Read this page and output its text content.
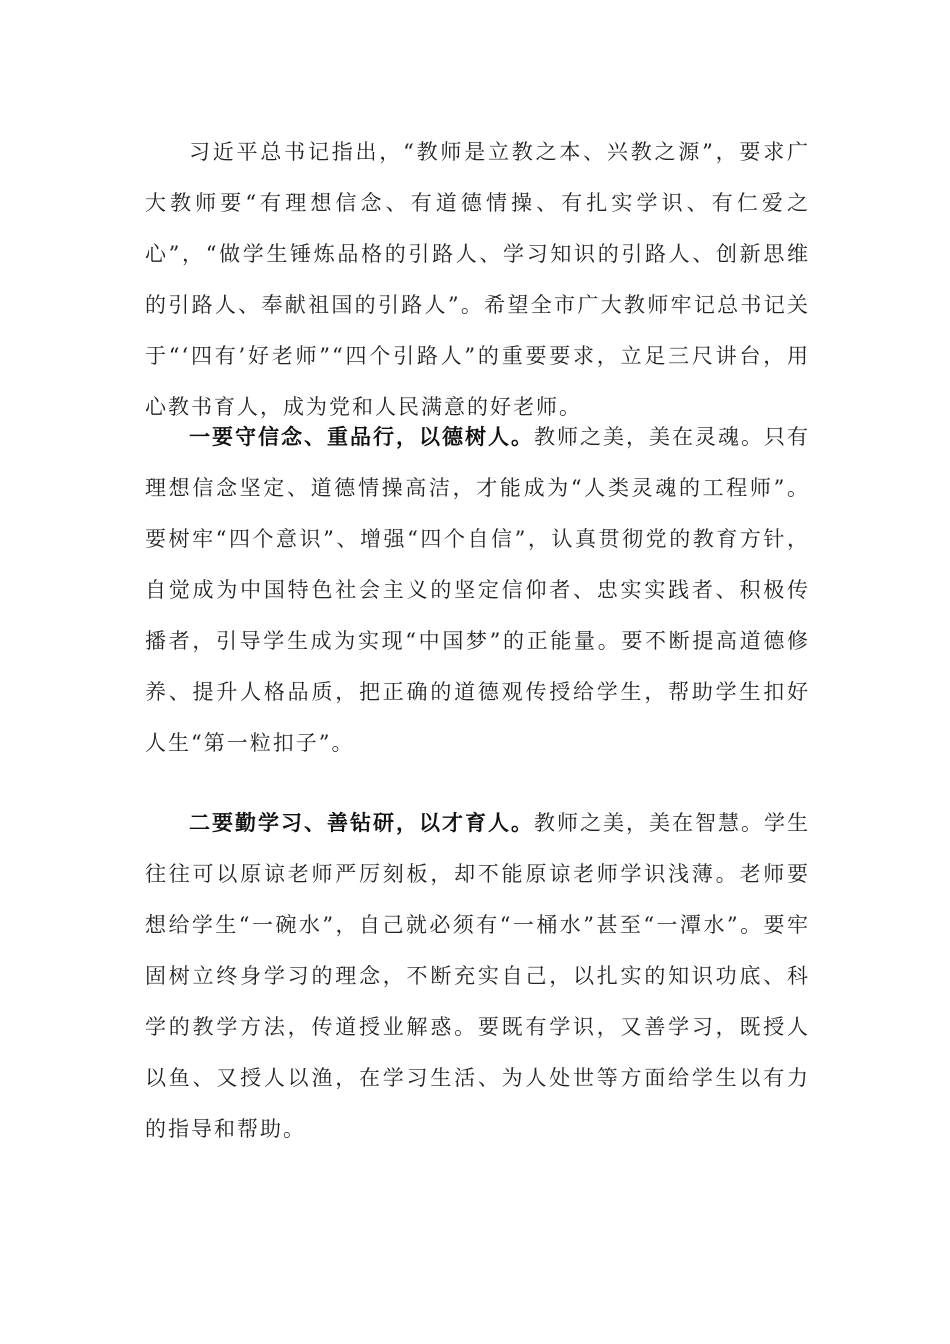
习近平总书记指出，“教师是立教之本、兴教之源”，要求广大教师要“有理想信念、有道德情操、有扎实学识、有仁爱之心”，“做学生锤炼品格的引路人、学习知识的引路人、创新思维的引路人、奉献祖国的引路人”。希望全市广大教师牢记总书记关于“‘四有’好老师”“四个引路人”的重要要求，立足三尺讲台，用心教书育人，成为党和人民满意的好老师。

一要守信念、重品行，以德树人。教师之美，美在灵魂。只有理想信念坚定、道德情操高洁，才能成为“人类灵魂的工程师”。要树牢“四个意识”、增强“四个自信”，认真贯彻党的教育方针，自觉成为中国特色社会主义的坚定信仰者、忠实实践者、积极传播者，引导学生成为实现“中国梦”的正能量。要不断提高道德修养、提升人格品质，把正确的道德观传授给学生，帮助学生扣好人生“第一粒扣子”。

二要勤学习、善钻研，以才育人。教师之美，美在智慧。学生往往可以原谅老师严厉刻板，却不能原谅老师学识浅薄。老师要想给学生“一碗水”，自己就必须有“一桶水”甚至“一潭水”。要牢固树立终身学习的理念，不断充实自己，以扎实的知识功底、科学的教学方法，传道授业解惑。要既有学识，又善学习，既授人以鱼、又授人以渔，在学习生活、为人处世等方面给学生以有力的指导和帮助。
